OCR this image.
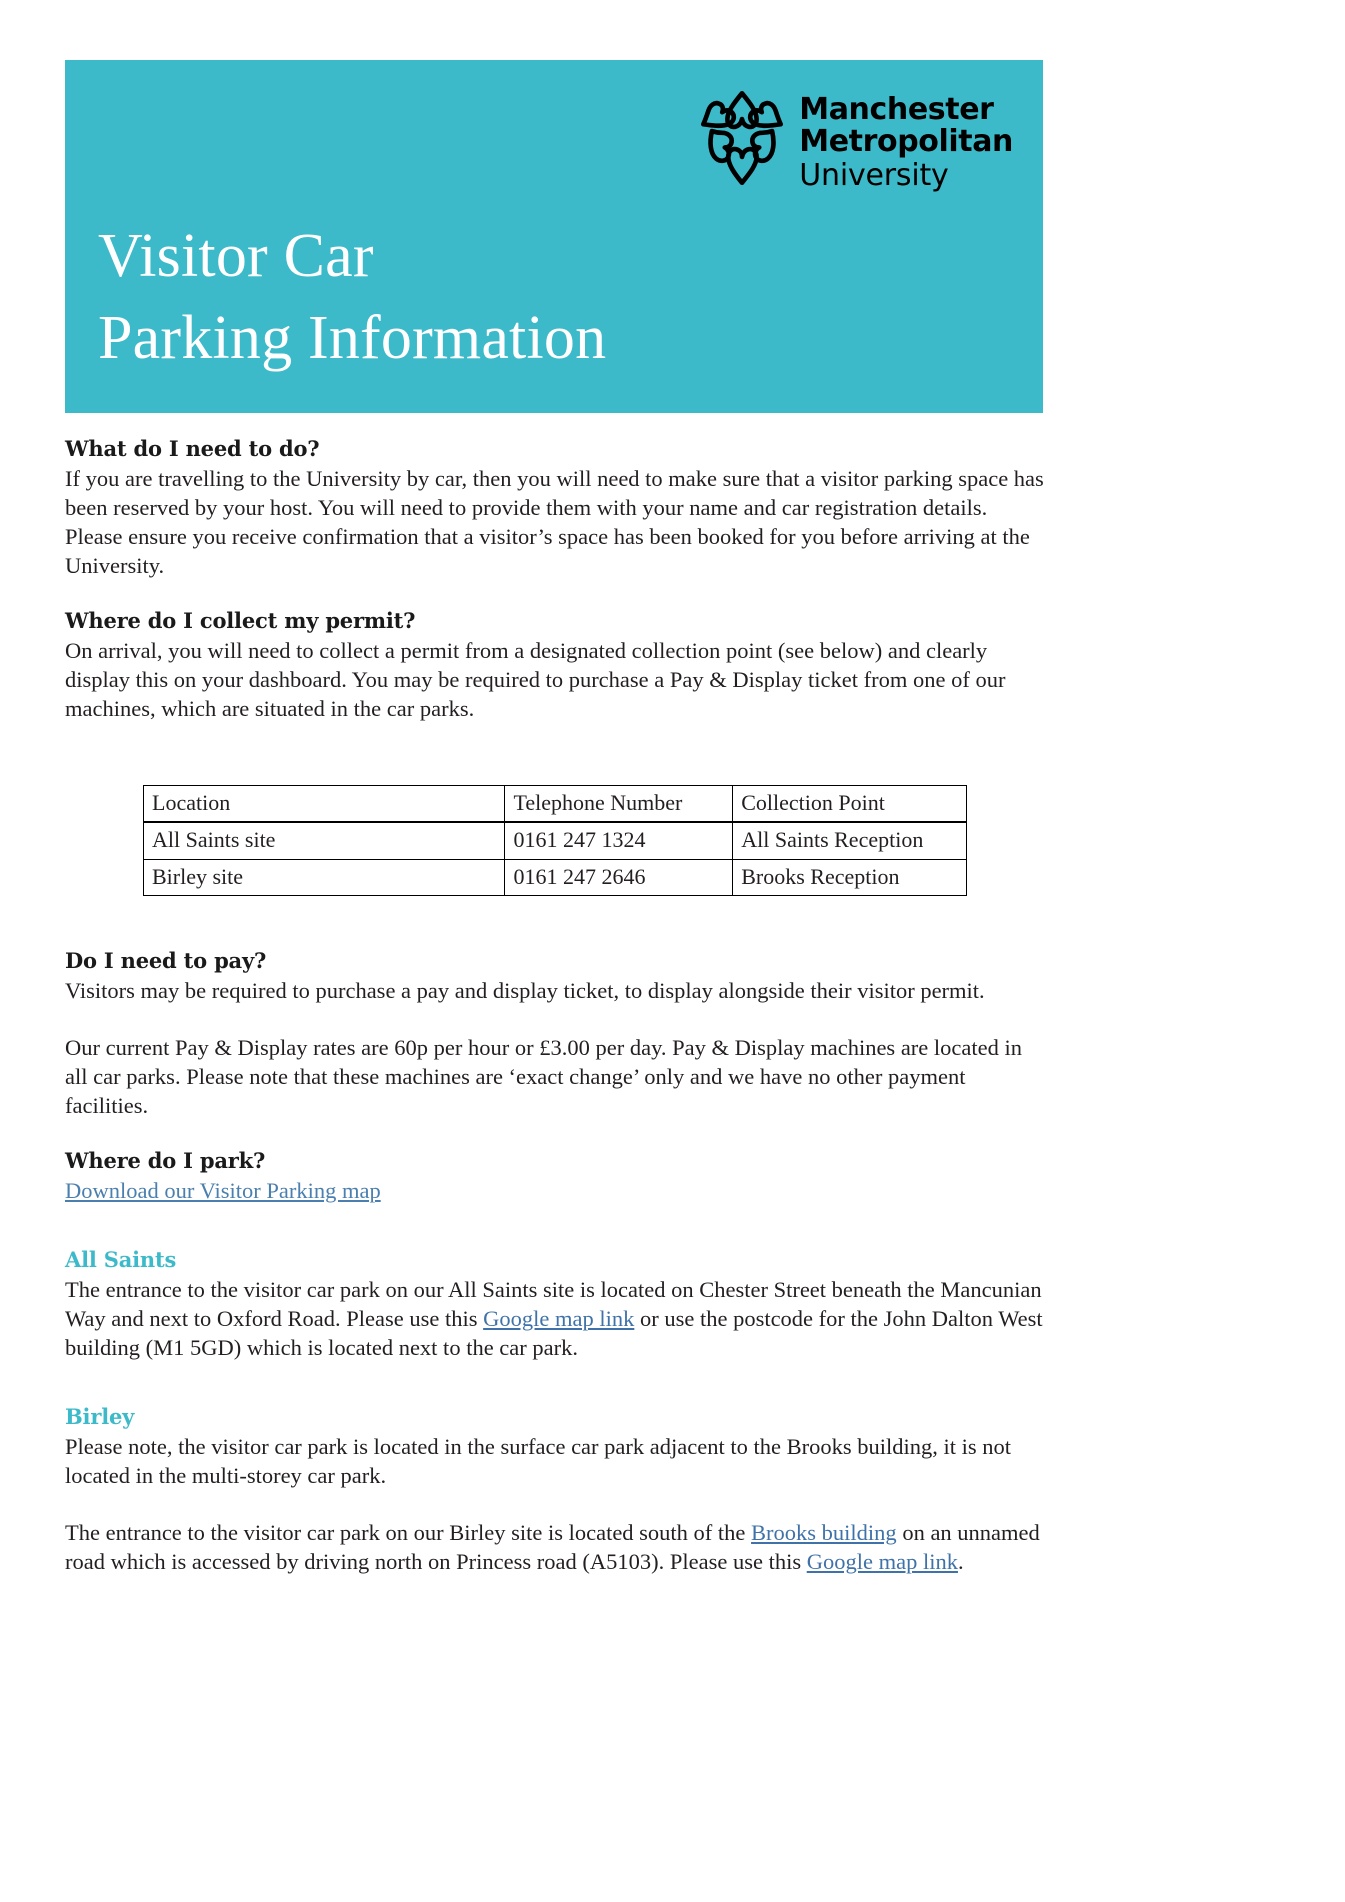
Manchester
Metropolitan
University
Visitor Car
Parking Information
What do I need to do?

If you are travelling to the University by car, then you will need to make sure that a visitor parking space has been reserved by your host. You will need to provide them with your name and car registration details. Please ensure you receive confirmation that a visitor’s space has been booked for you before arriving at the University.

Where do I collect my permit?

On arrival, you will need to collect a permit from a designated collection point (see below) and clearly display this on your dashboard. You may be required to purchase a Pay & Display ticket from one of our machines, which are situated in the car parks.

Location	Telephone Number	Collection Point
All Saints site	0161 247 1324	All Saints Reception
Birley site	0161 247 2646	Brooks Reception
Do I need to pay?

Visitors may be required to purchase a pay and display ticket, to display alongside their visitor permit.

Our current Pay & Display rates are 60p per hour or £3.00 per day. Pay & Display machines are located in all car parks. Please note that these machines are ‘exact change’ only and we have no other payment facilities.

Where do I park?

Download our Visitor Parking map

All Saints

The entrance to the visitor car park on our All Saints site is located on Chester Street beneath the Mancunian Way and next to Oxford Road. Please use this Google map link or use the postcode for the John Dalton West building (M1 5GD) which is located next to the car park.

Birley

Please note, the visitor car park is located in the surface car park adjacent to the Brooks building, it is not located in the multi-storey car park.

The entrance to the visitor car park on our Birley site is located south of the Brooks building on an unnamed road which is accessed by driving north on Princess road (A5103). Please use this Google map link.
